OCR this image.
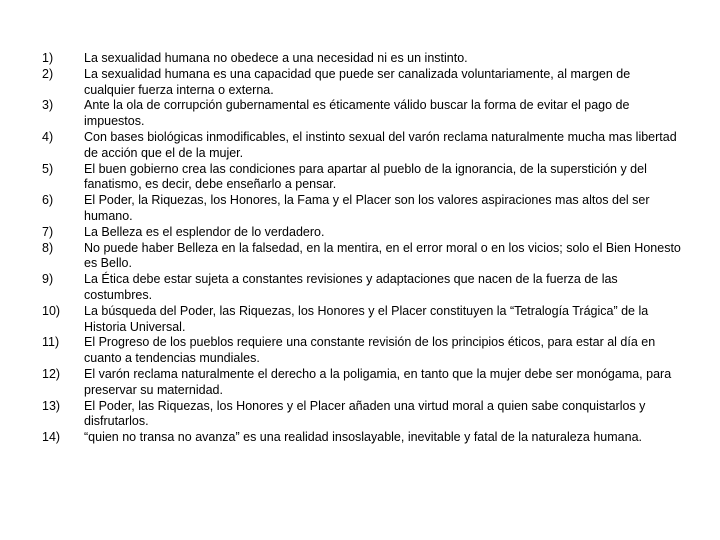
1)	La sexualidad humana no obedece a una necesidad ni es un instinto.
2)	La sexualidad humana es una capacidad que puede ser canalizada voluntariamente, al margen de cualquier fuerza interna o externa.
3)	Ante la ola de corrupción gubernamental es éticamente válido buscar la forma de evitar el pago de impuestos.
4)	Con bases biológicas inmodificables, el instinto sexual del varón reclama naturalmente mucha mas libertad de acción que el de la mujer.
5)	El buen gobierno crea las condiciones para apartar al pueblo de la ignorancia, de la superstición y del fanatismo, es decir, debe enseñarlo a pensar.
6)	El Poder, la Riquezas, los Honores, la Fama y el Placer son los valores aspiraciones mas altos del ser humano.
7)	La Belleza es el esplendor de lo verdadero.
8)	No puede haber Belleza en la falsedad, en la mentira, en el error moral o en los vicios; solo el Bien Honesto es Bello.
9)	La Ética debe estar sujeta a constantes revisiones y adaptaciones que nacen de la fuerza de las costumbres.
10)	La búsqueda del Poder, las Riquezas, los Honores y el Placer constituyen la “Tetralogía Trágica” de la Historia Universal.
11)	El Progreso de los pueblos requiere una constante revisión de los principios éticos, para estar al día en cuanto a tendencias mundiales.
12)	El varón reclama naturalmente el derecho a la poligamia, en tanto que la mujer debe ser monógama, para preservar su maternidad.
13)	El Poder, las Riquezas, los Honores y el Placer añaden una virtud moral a quien sabe conquistarlos y disfrutarlos.
14)	“quien no transa no avanza” es una realidad insoslayable, inevitable y fatal de la naturaleza humana.
